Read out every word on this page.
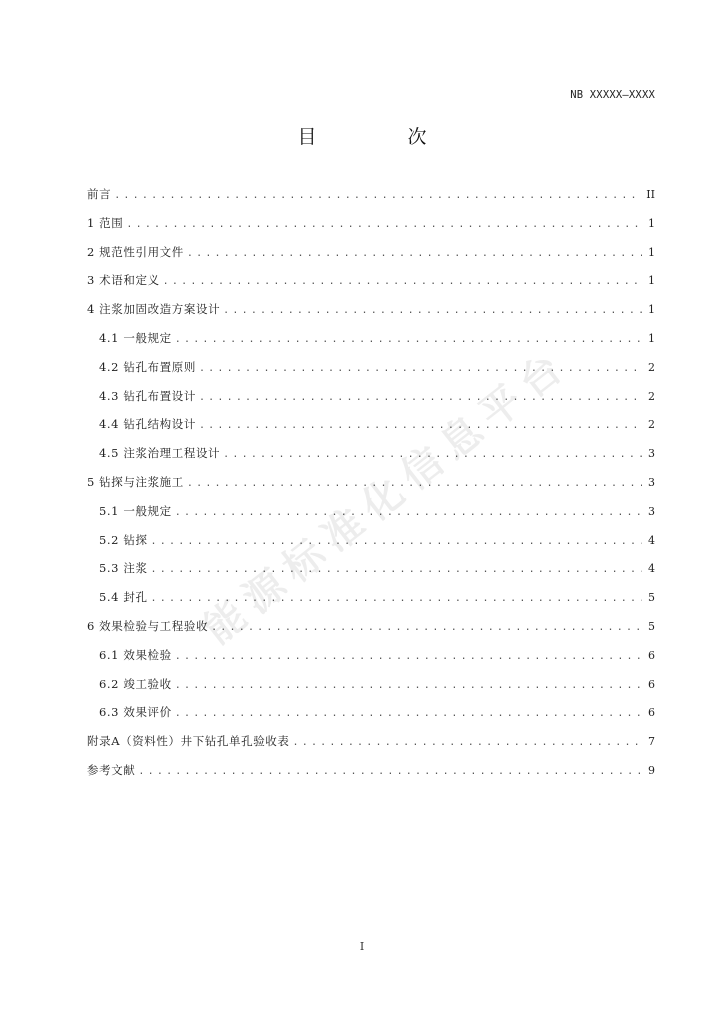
NB XXXXX—XXXX
目　次
前言 .....	II
1 范围 .....	1
2 规范性引用文件 .....	1
3 术语和定义 .....	1
4 注浆加固改造方案设计 .....	1
4.1 一般规定 .....	1
4.2 钻孔布置原则 .....	2
4.3 钻孔布置设计 .....	2
4.4 钻孔结构设计 .....	2
4.5 注浆治理工程设计 .....	3
5 钻探与注浆施工 .....	3
5.1 一般规定 .....	3
5.2 钻探 .....	4
5.3 注浆 .....	4
5.4 封孔 .....	5
6 效果检验与工程验收 .....	5
6.1 效果检验 .....	6
6.2 竣工验收 .....	6
6.3 效果评价 .....	6
附录A（资料性）井下钻孔单孔验收表 .....	7
参考文献 .....	9
能源标准化信息平台
I
